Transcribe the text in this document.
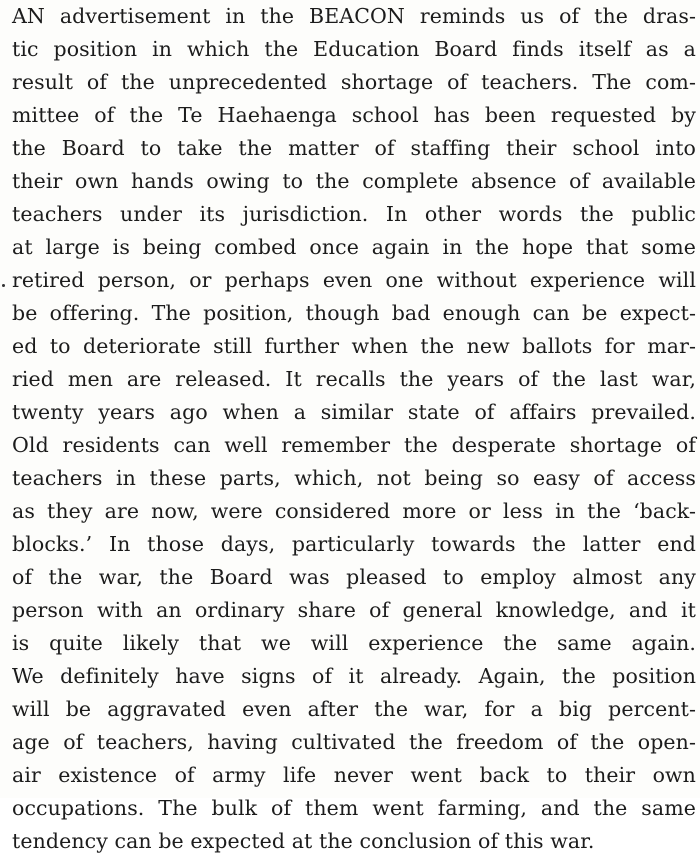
AN advertisement in the BEACON reminds us of the dras-
tic position in which the Education Board finds itself as a
result of the unprecedented shortage of teachers. The com-
mittee of the Te Haehaenga school has been requested by
the Board to take the matter of staffing their school into
their own hands owing to the complete absence of available
teachers under its jurisdiction. In other words the public
at large is being combed once again in the hope that some
retired person, or perhaps even one without experience will
be offering. The position, though bad enough can be expect-
ed to deteriorate still further when the new ballots for mar-
ried men are released. It recalls the years of the last war,
twenty years ago when a similar state of affairs prevailed.
Old residents can well remember the desperate shortage of
teachers in these parts, which, not being so easy of access
as they are now, were considered more or less in the ‘back-
blocks.’ In those days, particularly towards the latter end
of the war, the Board was pleased to employ almost any
person with an ordinary share of general knowledge, and it
is quite likely that we will experience the same again.
We definitely have signs of it already. Again, the position
will be aggravated even after the war, for a big percent-
age of teachers, having cultivated the freedom of the open-
air existence of army life never went back to their own
occupations. The bulk of them went farming, and the same
tendency can be expected at the conclusion of this war.
